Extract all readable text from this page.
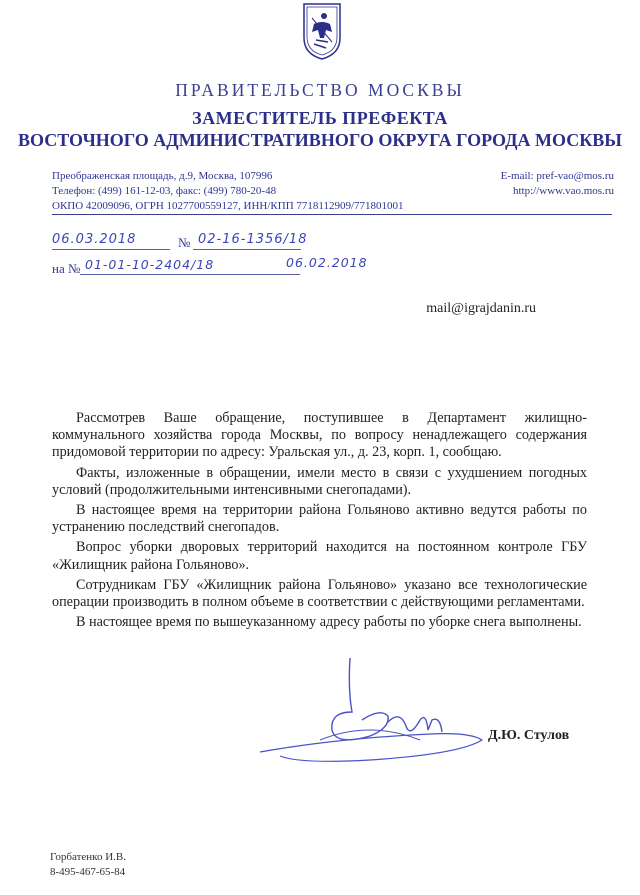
ПРАВИТЕЛЬСТВО МОСКВЫ
ЗАМЕСТИТЕЛЬ ПРЕФЕКТА
ВОСТОЧНОГО АДМИНИСТРАТИВНОГО ОКРУГА ГОРОДА МОСКВЫ
Преображенская площадь, д.9, Москва, 107996
Телефон: (499) 161-12-03, факс: (499) 780-20-48
ОКПО 42009096, ОГРН 1027700559127, ИНН/КПП 7718112909/771801001
E-mail: pref-vao@mos.ru
http://www.vao.mos.ru
06.03.2018	№ 02-16-1356/18
на № 01-01-10-2404/18	06.02.2018
mail@igrajdanin.ru

Рассмотрев Ваше обращение, поступившее в Департамент жилищно-коммунального хозяйства города Москвы, по вопросу ненадлежащего содержания придомовой территории по адресу: Уральская ул., д. 23, корп. 1, сообщаю.

Факты, изложенные в обращении, имели место в связи с ухудшением погодных условий (продолжительными интенсивными снегопадами).

В настоящее время на территории района Гольяново активно ведутся работы по устранению последствий снегопадов.

Вопрос уборки дворовых территорий находится на постоянном контроле ГБУ «Жилищник района Гольяново».

Сотрудникам ГБУ «Жилищник района Гольяново» указано все технологические операции производить в полном объеме в соответствии с действующими регламентами.

В настоящее время по вышеуказанному адресу работы по уборке снега выполнены.

Д.Ю. Стулов
Горбатенко И.В.
8-495-467-65-84
